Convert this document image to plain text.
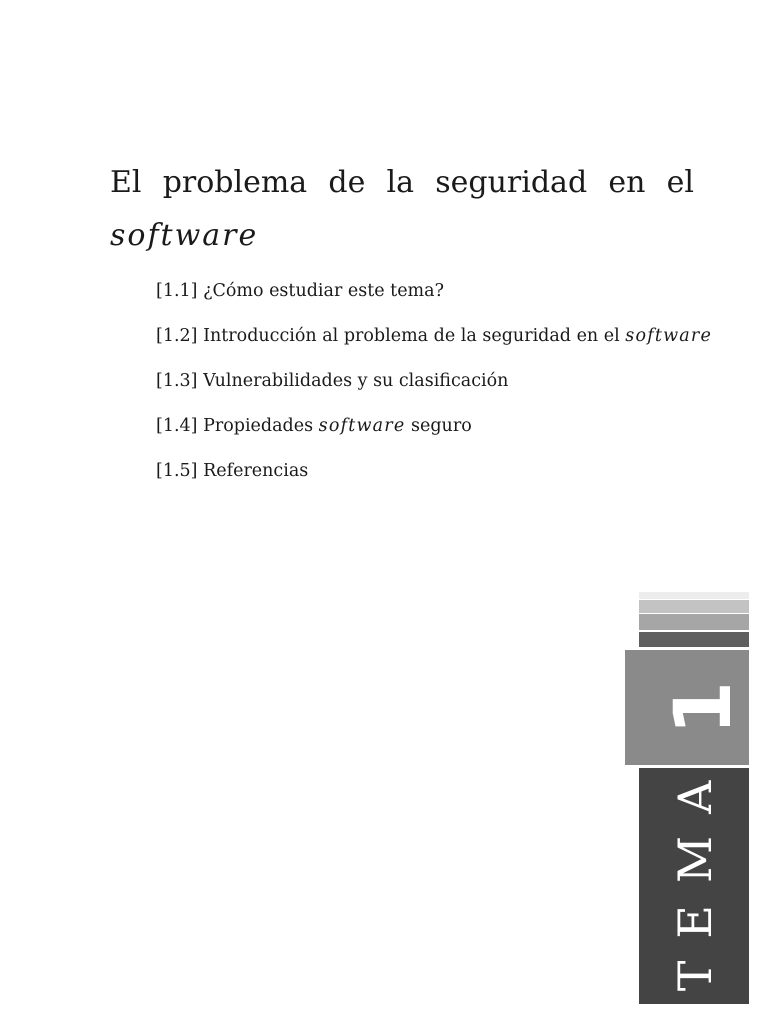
El problema de la seguridad en el
software
[1.1] ¿Cómo estudiar este tema?
[1.2] Introducción al problema de la seguridad en el software
[1.3] Vulnerabilidades y su clasificación
[1.4] Propiedades software seguro
[1.5] Referencias
1
TEMA
